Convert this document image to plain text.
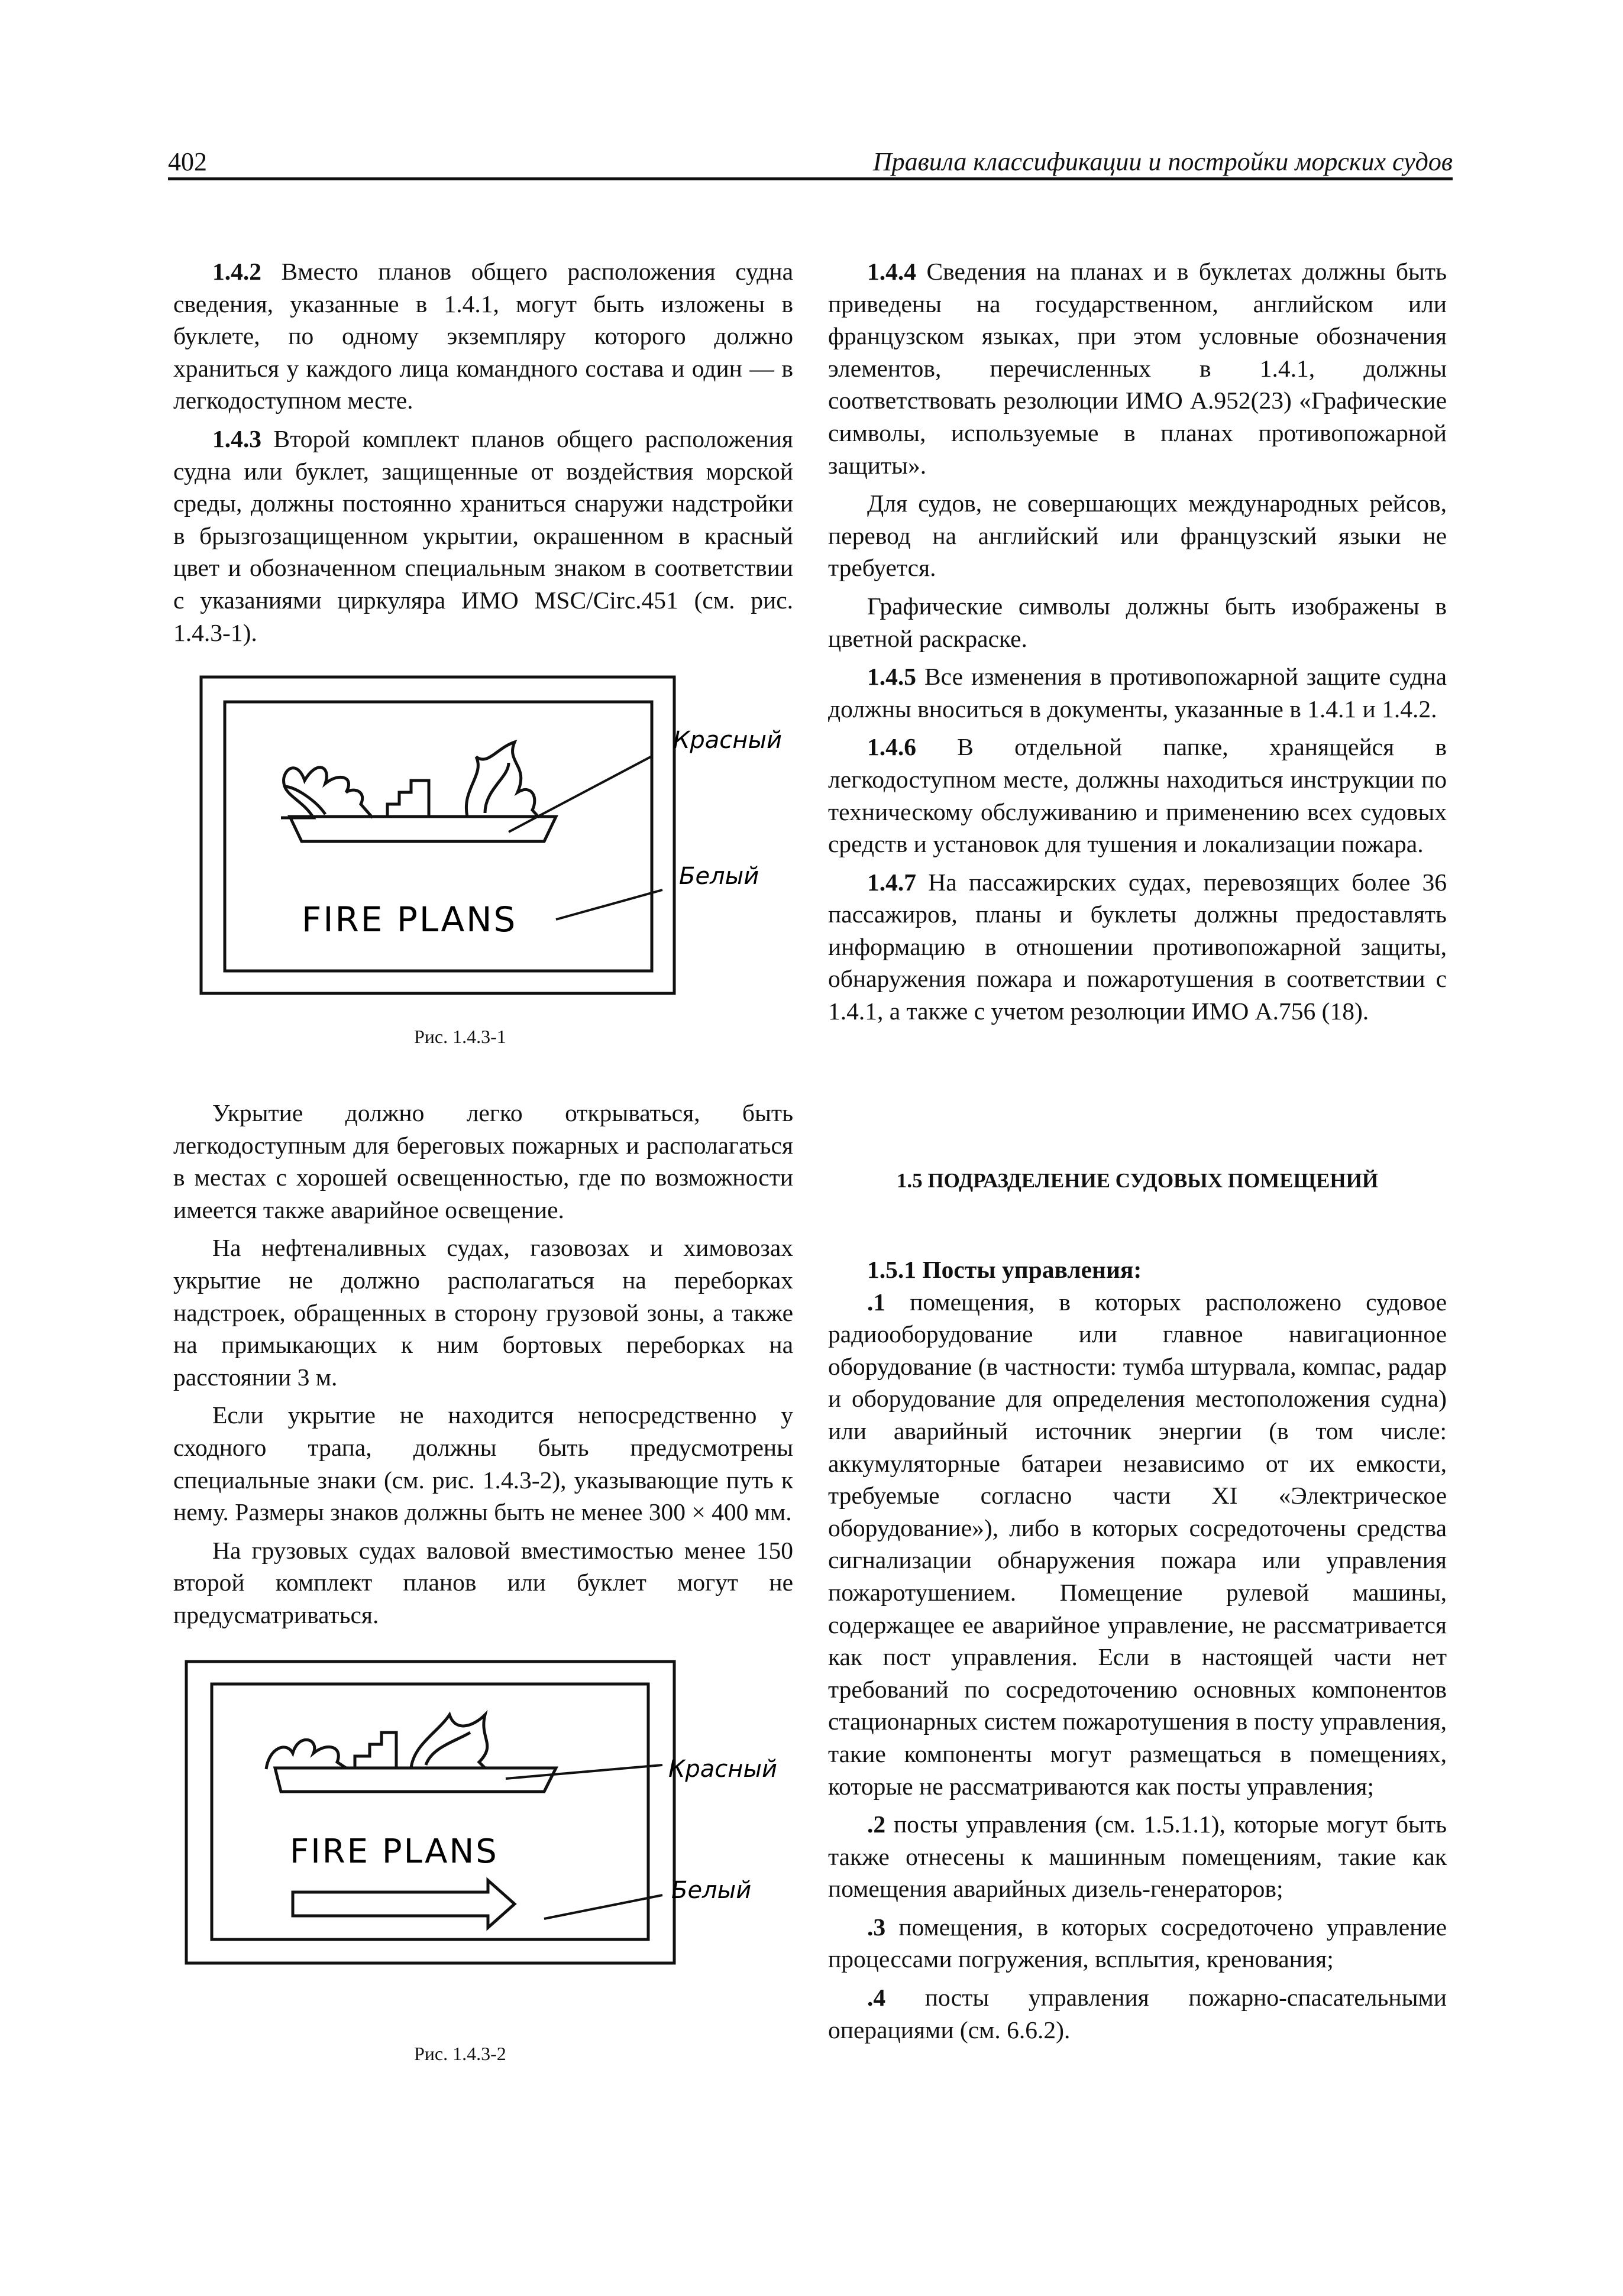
402	Правила классификации и постройки морских судов

1.4.2 Вместо планов общего расположения судна сведения, указанные в 1.4.1, могут быть изложены в буклете, по одному экземпляру которого должно храниться у каждого лица командного состава и один — в легкодоступном месте.

1.4.3 Второй комплект планов общего расположения судна или буклет, защищенные от воздействия морской среды, должны постоянно храниться снаружи надстройки в брызгозащищенном укрытии, окрашенном в красный цвет и обозначенном специальным знаком в соответствии с указаниями циркуляра ИМО MSC/Circ.451 (см. рис. 1.4.3-1).

FIRE PLANS
Красный
Белый
Рис. 1.4.3-1

Укрытие должно легко открываться, быть легкодоступным для береговых пожарных и располагаться в местах с хорошей освещенностью, где по возможности имеется также аварийное освещение.

На нефтеналивных судах, газовозах и химовозах укрытие не должно располагаться на переборках надстроек, обращенных в сторону грузовой зоны, а также на примыкающих к ним бортовых переборках на расстоянии 3 м.

Если укрытие не находится непосредственно у сходного трапа, должны быть предусмотрены специальные знаки (см. рис. 1.4.3-2), указывающие путь к нему. Размеры знаков должны быть не менее 300 × 400 мм.

На грузовых судах валовой вместимостью менее 150 второй комплект планов или буклет могут не предусматриваться.

FIRE PLANS
Красный
Белый
Рис. 1.4.3-2

1.4.4 Сведения на планах и в буклетах должны быть приведены на государственном, английском или французском языках, при этом условные обозначения элементов, перечисленных в 1.4.1, должны соответствовать резолюции ИМО А.952(23) «Графические символы, используемые в планах противопожарной защиты».

Для судов, не совершающих международных рейсов, перевод на английский или французский языки не требуется.

Графические символы должны быть изображены в цветной раскраске.

1.4.5 Все изменения в противопожарной защите судна должны вноситься в документы, указанные в 1.4.1 и 1.4.2.

1.4.6 В отдельной папке, хранящейся в легкодоступном месте, должны находиться инструкции по техническому обслуживанию и применению всех судовых средств и установок для тушения и локализации пожара.

1.4.7 На пассажирских судах, перевозящих более 36 пассажиров, планы и буклеты должны предоставлять информацию в отношении противопожарной защиты, обнаружения пожара и пожаротушения в соответствии с 1.4.1, а также с учетом резолюции ИМО А.756 (18).

1.5 ПОДРАЗДЕЛЕНИЕ СУДОВЫХ ПОМЕЩЕНИЙ

1.5.1 Посты управления:

.1 помещения, в которых расположено судовое радиооборудование или главное навигационное оборудование (в частности: тумба штурвала, компас, радар и оборудование для определения местоположения судна) или аварийный источник энергии (в том числе: аккумуляторные батареи независимо от их емкости, требуемые согласно части XI «Электрическое оборудование»), либо в которых сосредоточены средства сигнализации обнаружения пожара или управления пожаротушением. Помещение рулевой машины, содержащее ее аварийное управление, не рассматривается как пост управления. Если в настоящей части нет требований по сосредоточению основных компонентов стационарных систем пожаротушения в посту управления, такие компоненты могут размещаться в помещениях, которые не рассматриваются как посты управления;

.2 посты управления (см. 1.5.1.1), которые могут быть также отнесены к машинным помещениям, такие как помещения аварийных дизель-генераторов;

.3 помещения, в которых сосредоточено управление процессами погружения, всплытия, кренования;

.4 посты управления пожарно-спасательными операциями (см. 6.6.2).
